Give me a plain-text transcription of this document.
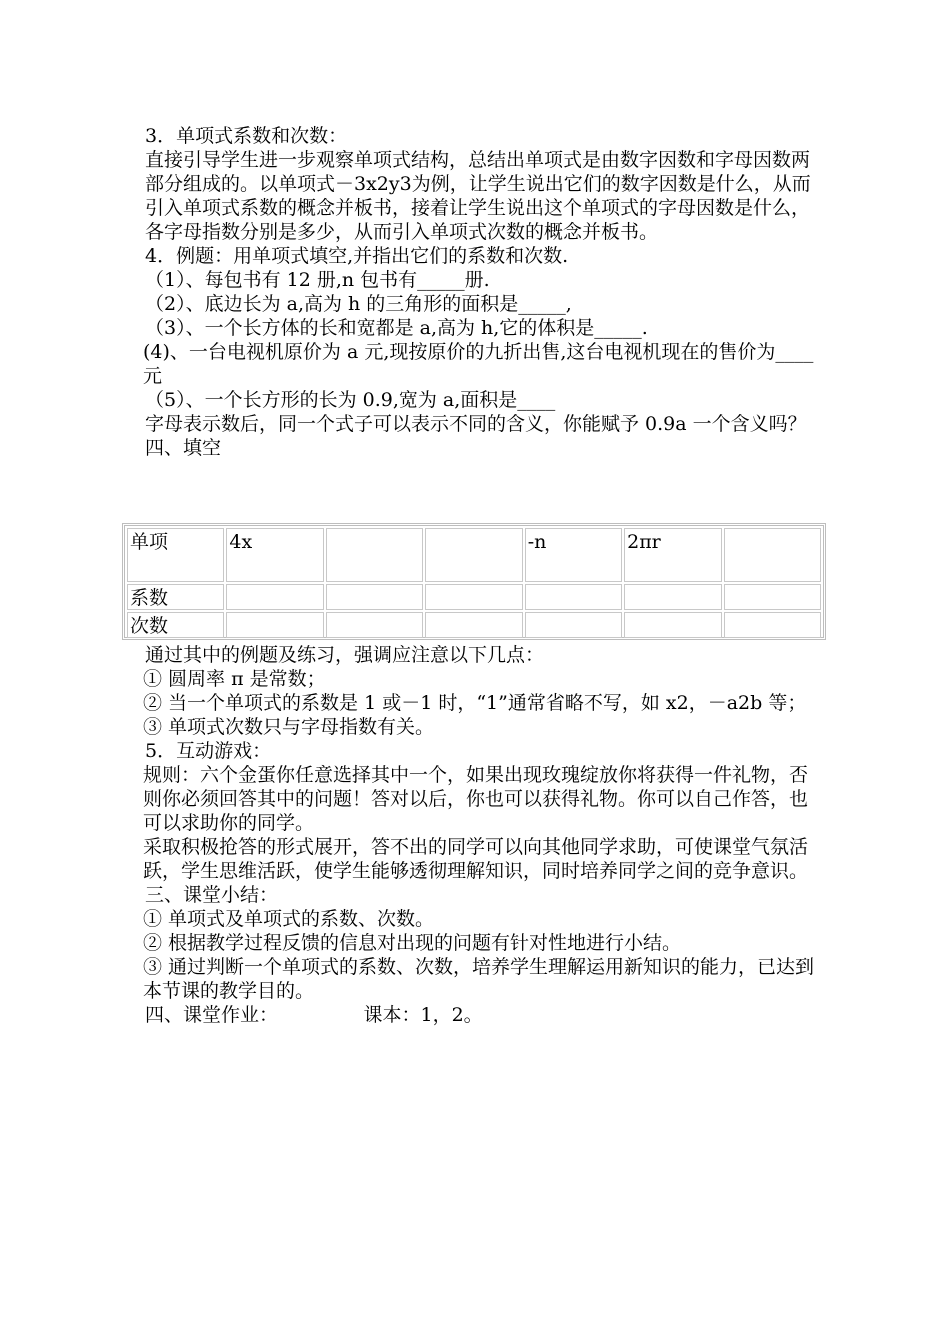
3．单项式系数和次数：

直接引导学生进一步观察单项式结构，总结出单项式是由数字因数和字母因数两部分组成的。以单项式－3x2y3为例，让学生说出它们的数字因数是什么，从而引入单项式系数的概念并板书，接着让学生说出这个单项式的字母因数是什么，各字母指数分别是多少，从而引入单项式次数的概念并板书。

4．例题：用单项式填空,并指出它们的系数和次数.

（1）、每包书有 12 册,n 包书有_____册.

（2）、底边长为 a,高为 h 的三角形的面积是_____,

（3）、一个长方体的长和宽都是 a,高为 h,它的体积是_____.

(4)、一台电视机原价为 a 元,现按原价的九折出售,这台电视机现在的售价为____元

（5）、一个长方形的长为 0.9,宽为 a,面积是____

字母表示数后，同一个式子可以表示不同的含义，你能赋予 0.9a 一个含义吗？

四、填空

单项	4x			-n	2πr	
系数						
次数						

通过其中的例题及练习，强调应注意以下几点：

① 圆周率 π 是常数；

② 当一个单项式的系数是 1 或－1 时，“1”通常省略不写，如 x2，－a2b 等；

③ 单项式次数只与字母指数有关。

5．互动游戏：

规则：六个金蛋你任意选择其中一个，如果出现玫瑰绽放你将获得一件礼物，否则你必须回答其中的问题！答对以后，你也可以获得礼物。你可以自己作答，也可以求助你的同学。

采取积极抢答的形式展开，答不出的同学可以向其他同学求助，可使课堂气氛活跃，学生思维活跃，使学生能够透彻理解知识，同时培养同学之间的竞争意识。

三、课堂小结：

① 单项式及单项式的系数、次数。

② 根据教学过程反馈的信息对出现的问题有针对性地进行小结。

③ 通过判断一个单项式的系数、次数，培养学生理解运用新知识的能力，已达到本节课的教学目的。

四、课堂作业：　　　　　课本：1，2。
